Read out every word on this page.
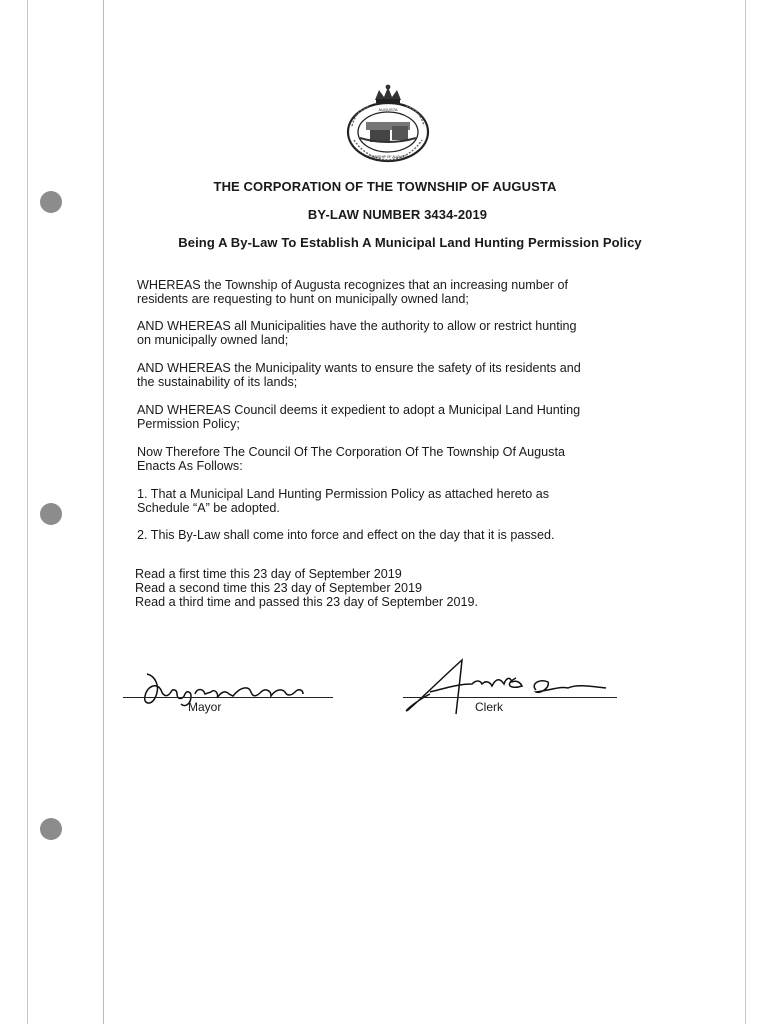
AUGUSTA
TOWNSHIP OF AUGUSTA
THE CORPORATION OF THE TOWNSHIP OF AUGUSTA
BY-LAW NUMBER 3434-2019
Being A By-Law To Establish A Municipal Land Hunting Permission Policy
WHEREAS the Township of Augusta recognizes that an increasing number of
residents are requesting to hunt on municipally owned land;
AND WHEREAS all Municipalities have the authority to allow or restrict hunting
on municipally owned land;
AND WHEREAS the Municipality wants to ensure the safety of its residents and
the sustainability of its lands;
AND WHEREAS Council deems it expedient to adopt a Municipal Land Hunting
Permission Policy;
Now Therefore The Council Of The Corporation Of The Township Of Augusta
Enacts As Follows:
1. That a Municipal Land Hunting Permission Policy as attached hereto as
Schedule “A” be adopted.
2. This By-Law shall come into force and effect on the day that it is passed.
Read a first time this 23 day of September 2019
Read a second time this 23 day of September 2019
Read a third time and passed this 23 day of September 2019.
Mayor	Clerk
